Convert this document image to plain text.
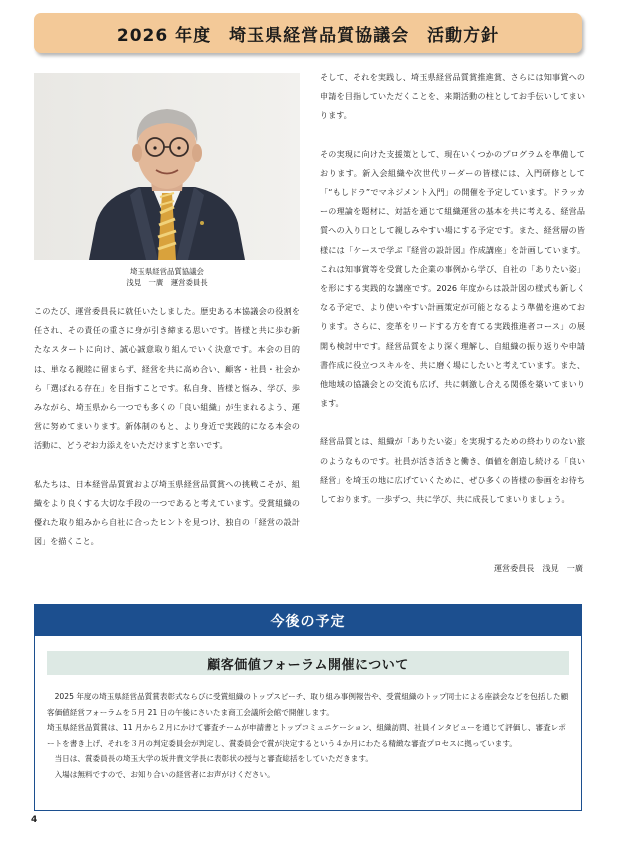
2026 年度　埼玉県経営品質協議会　活動方針
埼玉県経営品質協議会
浅見　一廣　運営委員長

このたび、運営委員長に就任いたしました。歴史ある本協議会の役割を任され、その責任の重さに身が引き締まる思いです。皆様と共に歩む新たなスタートに向け、誠心誠意取り組んでいく決意です。本会の目的は、単なる親睦に留まらず、経営を共に高め合い、顧客・社員・社会から「選ばれる存在」を目指すことです。私自身、皆様と悩み、学び、歩みながら、埼玉県から一つでも多くの「良い組織」が生まれるよう、運営に努めてまいります。新体制のもと、より身近で実践的になる本会の活動に、どうぞお力添えをいただけますと幸いです。

私たちは、日本経営品質賞および埼玉県経営品質賞への挑戦こそが、組織をより良くする大切な手段の一つであると考えています。受賞組織の優れた取り組みから自社に合ったヒントを見つけ、独自の「経営の設計図」を描くこと。

そして、それを実践し、埼玉県経営品質賞推進賞、さらには知事賞への申請を目指していただくことを、来期活動の柱としてお手伝いしてまいります。

その実現に向けた支援策として、現在いくつかのプログラムを準備しております。新入会組織や次世代リーダーの皆様には、入門研修として「“もしドラ”でマネジメント入門」の開催を予定しています。ドラッカーの理論を題材に、対話を通じて組織運営の基本を共に考える、経営品質への入り口として親しみやすい場にする予定です。また、経営層の皆様には「ケースで学ぶ『経営の設計図』作成講座」を計画しています。これは知事賞等を受賞した企業の事例から学び、自社の「ありたい姿」を形にする実践的な講座です。2026 年度からは設計図の様式も新しくなる予定で、より使いやすい計画策定が可能となるよう準備を進めております。さらに、変革をリードする方を育てる実践推進者コース」の展開も検討中です。経営品質をより深く理解し、自組織の振り返りや申請書作成に役立つスキルを、共に磨く場にしたいと考えています。また、他地域の協議会との交流も広げ、共に刺激し合える関係を築いてまいります。

経営品質とは、組織が「ありたい姿」を実現するための終わりのない旅のようなものです。社員が活き活きと働き、価値を創造し続ける「良い経営」を埼玉の地に広げていくために、ぜひ多くの皆様の参画をお待ちしております。一歩ずつ、共に学び、共に成長してまいりましょう。

運営委員長　浅見　一廣
今後の予定
顧客価値フォーラム開催について

　2025 年度の埼玉県経営品質賞表彰式ならびに受賞組織のトップスピーチ、取り組み事例報告や、受賞組織のトップ同士による座談会などを包括した顧客価値経営フォーラムを５月 21 日の午後にさいたま商工会議所会館で開催します。

埼玉県経営品質賞は、11 月から２月にかけて審査チームが申請書とトップコミュニケーション、組織訪問、社員インタビューを通じて評価し、審査レポートを書き上げ、それを３月の判定委員会が判定し、賞委員会で賞が決定するという４か月にわたる精緻な審査プロセスに拠っています。

　当日は、賞委員長の埼玉大学の坂井貴文学長に表彰状の授与と審査総括をしていただきます。

　入場は無料ですので、お知り合いの経営者にお声がけください。

4
